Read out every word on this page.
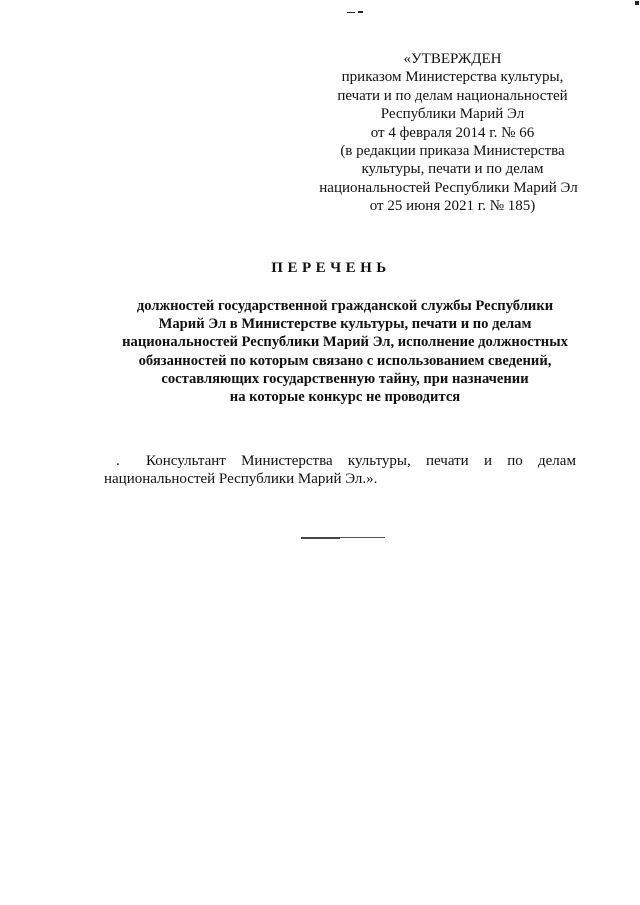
«УТВЕРЖДЕН
приказом Министерства культуры,
печати и по делам национальностей
Республики Марий Эл
от 4 февраля 2014 г. № 66
(в редакции приказа Министерства
культуры, печати и по делам
национальностей Республики Марий Эл
от 25 июня 2021 г. № 185)
ПЕРЕЧЕНЬ
должностей государственной гражданской службы Республики
Марий Эл в Министерстве культуры, печати и по делам
национальностей Республики Марий Эл, исполнение должностных
обязанностей по которым связано с использованием сведений,
составляющих государственную тайну, при назначении
на которые конкурс не проводится
. Консультант Министерства культуры, печати и по делам
национальностей Республики Марий Эл.».
